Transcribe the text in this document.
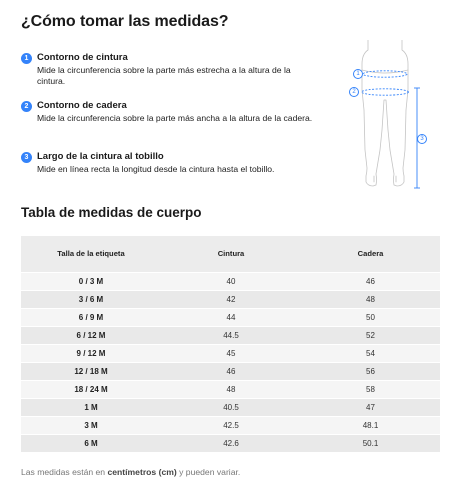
¿Cómo tomar las medidas?
1 Contorno de cintura
Mide la circunferencia sobre la parte más estrecha a la altura de la cintura.
2 Contorno de cadera
Mide la circunferencia sobre la parte más ancha a la altura de la cadera.
3 Largo de la cintura al tobillo
Mide en línea recta la longitud desde la cintura hasta el tobillo.
1
2
3
Tabla de medidas de cuerpo
Talla de la etiqueta	Cintura	Cadera
0 / 3 M	40	46
3 / 6 M	42	48
6 / 9 M	44	50
6 / 12 M	44.5	52
9 / 12 M	45	54
12 / 18 M	46	56
18 / 24 M	48	58
1 M	40.5	47
3 M	42.5	48.1
6 M	42.6	50.1

Las medidas están en centímetros (cm) y pueden variar.
